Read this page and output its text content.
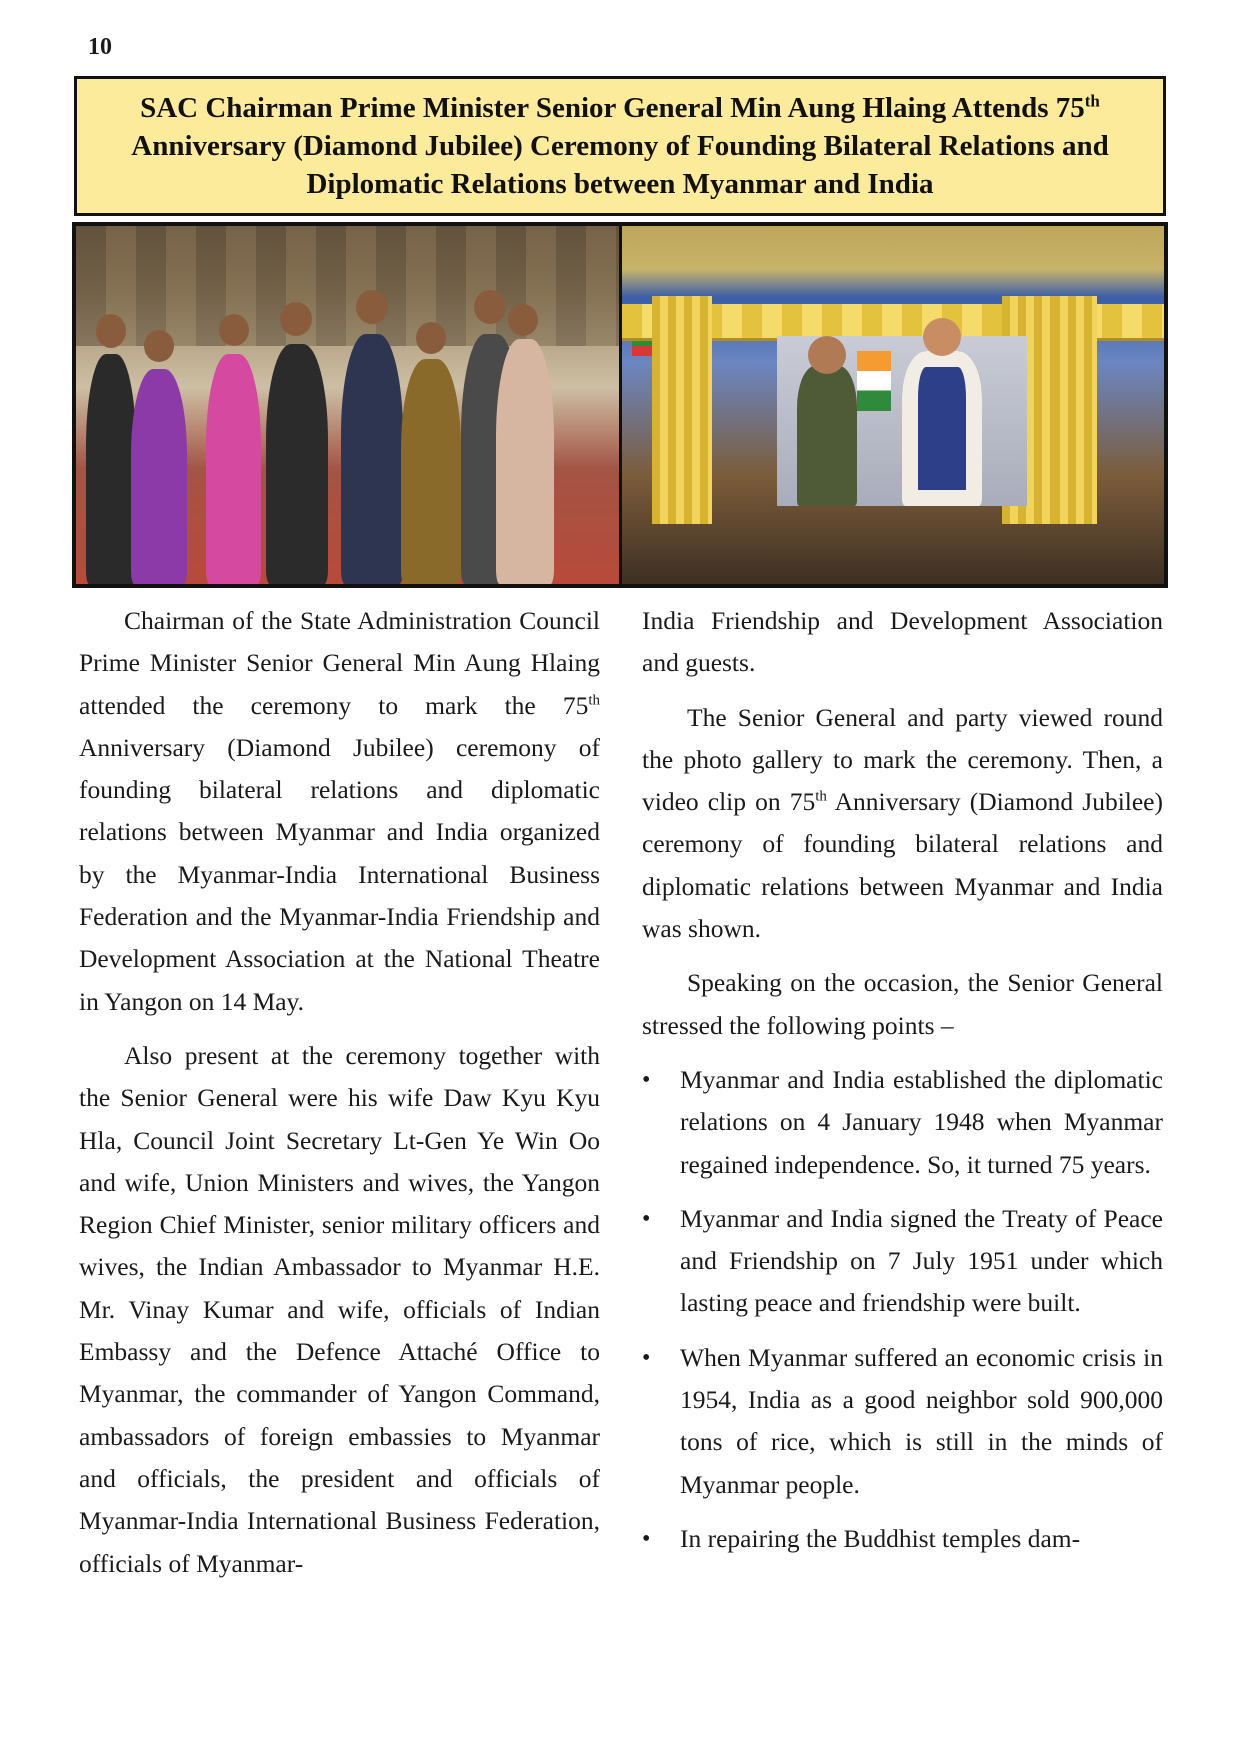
10
SAC Chairman Prime Minister Senior General Min Aung Hlaing Attends 75th
Anniversary (Diamond Jubilee) Ceremony of Founding Bilateral Relations and
Diplomatic Relations between Myanmar and India

Chairman of the State Administration Council Prime Minister Senior General Min Aung Hlaing attended the ceremony to mark the 75th Anniversary (Diamond Jubilee) ceremony of founding bilateral relations and diplomatic relations between Myanmar and India organized by the Myanmar-India International Business Federation and the Myanmar-India Friendship and Development Association at the National Theatre in Yangon on 14 May.

Also present at the ceremony together with the Senior General were his wife Daw Kyu Kyu Hla, Council Joint Secretary Lt-Gen Ye Win Oo and wife, Union Ministers and wives, the Yangon Region Chief Minister, senior military officers and wives, the Indian Ambassador to Myanmar H.E. Mr. Vinay Kumar and wife, officials of Indian Embassy and the Defence Attaché Office to Myanmar, the commander of Yangon Command, ambassadors of foreign embassies to Myanmar and officials, the president and officials of Myanmar-India International Business Federation, officials of Myanmar-

India Friendship and Development Association and guests.

The Senior General and party viewed round the photo gallery to mark the ceremony. Then, a video clip on 75th Anniversary (Diamond Jubilee) ceremony of founding bilateral relations and diplomatic relations between Myanmar and India was shown.

Speaking on the occasion, the Senior General stressed the following points –

• Myanmar and India established the diplomatic relations on 4 January 1948 when Myanmar regained independence. So, it turned 75 years.
• Myanmar and India signed the Treaty of Peace and Friendship on 7 July 1951 under which lasting peace and friendship were built.
• When Myanmar suffered an economic crisis in 1954, India as a good neighbor sold 900,000 tons of rice, which is still in the minds of Myanmar people.
• In repairing the Buddhist temples dam-
